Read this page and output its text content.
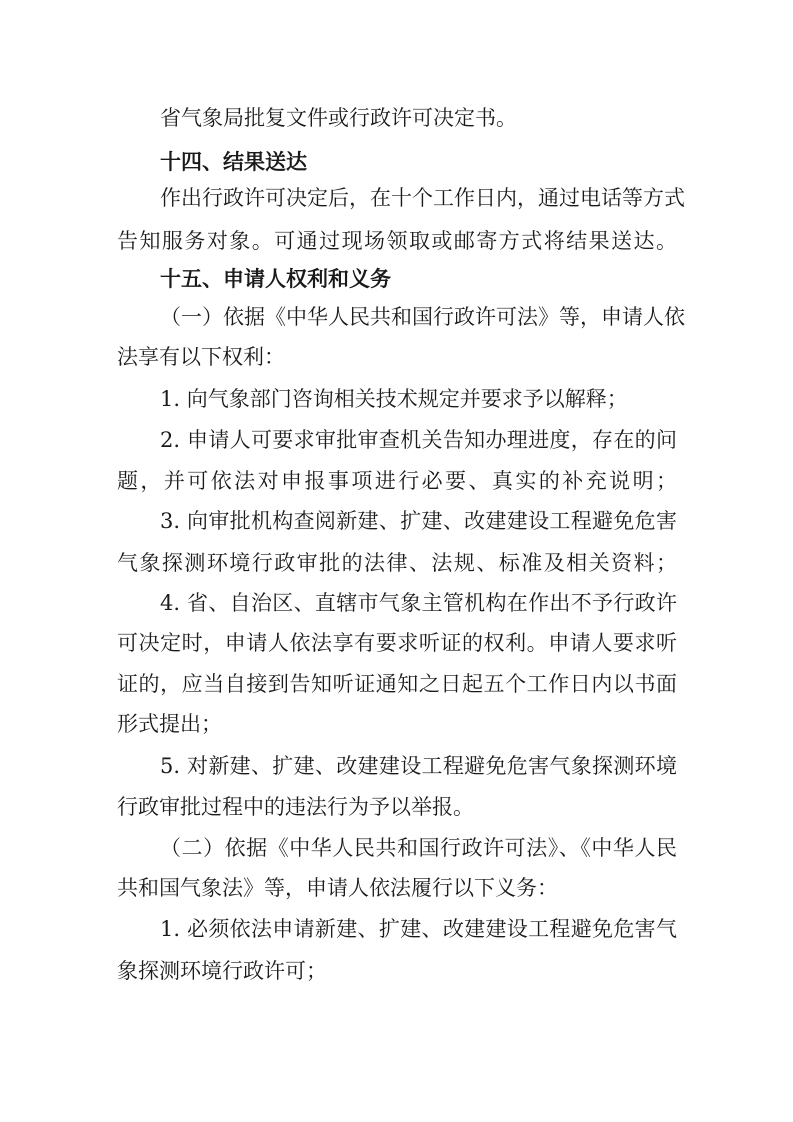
省气象局批复文件或行政许可决定书。
十四、结果送达
作出行政许可决定后，在十个工作日内，通过电话等方式
告知服务对象。可通过现场领取或邮寄方式将结果送达。
十五、申请人权利和义务
（一）依据《中华人民共和国行政许可法》等，申请人依
法享有以下权利：
1. 向气象部门咨询相关技术规定并要求予以解释；
2. 申请人可要求审批审查机关告知办理进度，存在的问
题，并可依法对申报事项进行必要、真实的补充说明；
3. 向审批机构查阅新建、扩建、改建建设工程避免危害
气象探测环境行政审批的法律、法规、标准及相关资料；
4. 省、自治区、直辖市气象主管机构在作出不予行政许
可决定时，申请人依法享有要求听证的权利。申请人要求听
证的，应当自接到告知听证通知之日起五个工作日内以书面
形式提出；
5. 对新建、扩建、改建建设工程避免危害气象探测环境
行政审批过程中的违法行为予以举报。
（二）依据《中华人民共和国行政许可法》、《中华人民
共和国气象法》等，申请人依法履行以下义务：
1. 必须依法申请新建、扩建、改建建设工程避免危害气
象探测环境行政许可；
